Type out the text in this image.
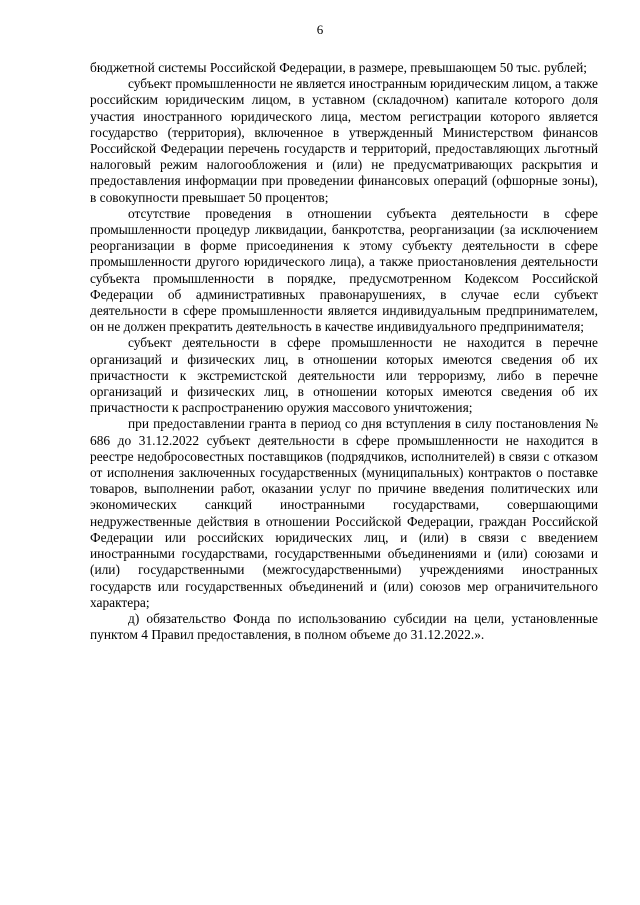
6

бюджетной системы Российской Федерации, в размере, превышающем 50 тыс. рублей;

субъект промышленности не является иностранным юридическим лицом, а также российским юридическим лицом, в уставном (складочном) капитале которого доля участия иностранного юридического лица, местом регистрации которого является государство (территория), включенное в утвержденный Министерством финансов Российской Федерации перечень государств и территорий, предоставляющих льготный налоговый режим налогообложения и (или) не предусматривающих раскрытия и предоставления информации при проведении финансовых операций (офшорные зоны), в совокупности превышает 50 процентов;

отсутствие проведения в отношении субъекта деятельности в сфере промышленности процедур ликвидации, банкротства, реорганизации (за исключением реорганизации в форме присоединения к этому субъекту деятельности в сфере промышленности другого юридического лица), а также приостановления деятельности субъекта промышленности в порядке, предусмотренном Кодексом Российской Федерации об административных правонарушениях, в случае если субъект деятельности в сфере промышленности является индивидуальным предпринимателем, он не должен прекратить деятельность в качестве индивидуального предпринимателя;

субъект деятельности в сфере промышленности не находится в перечне организаций и физических лиц, в отношении которых имеются сведения об их причастности к экстремистской деятельности или терроризму, либо в перечне организаций и физических лиц, в отношении которых имеются сведения об их причастности к распространению оружия массового уничтожения;

при предоставлении гранта в период со дня вступления в силу постановления № 686 до 31.12.2022 субъект деятельности в сфере промышленности не находится в реестре недобросовестных поставщиков (подрядчиков, исполнителей) в связи с отказом от исполнения заключенных государственных (муниципальных) контрактов о поставке товаров, выполнении работ, оказании услуг по причине введения политических или экономических санкций иностранными государствами, совершающими недружественные действия в отношении Российской Федерации, граждан Российской Федерации или российских юридических лиц, и (или) в связи с введением иностранными государствами, государственными объединениями и (или) союзами и (или) государственными (межгосударственными) учреждениями иностранных государств или государственных объединений и (или) союзов мер ограничительного характера;

д) обязательство Фонда по использованию субсидии на цели, установленные пунктом 4 Правил предоставления, в полном объеме до 31.12.2022.».
